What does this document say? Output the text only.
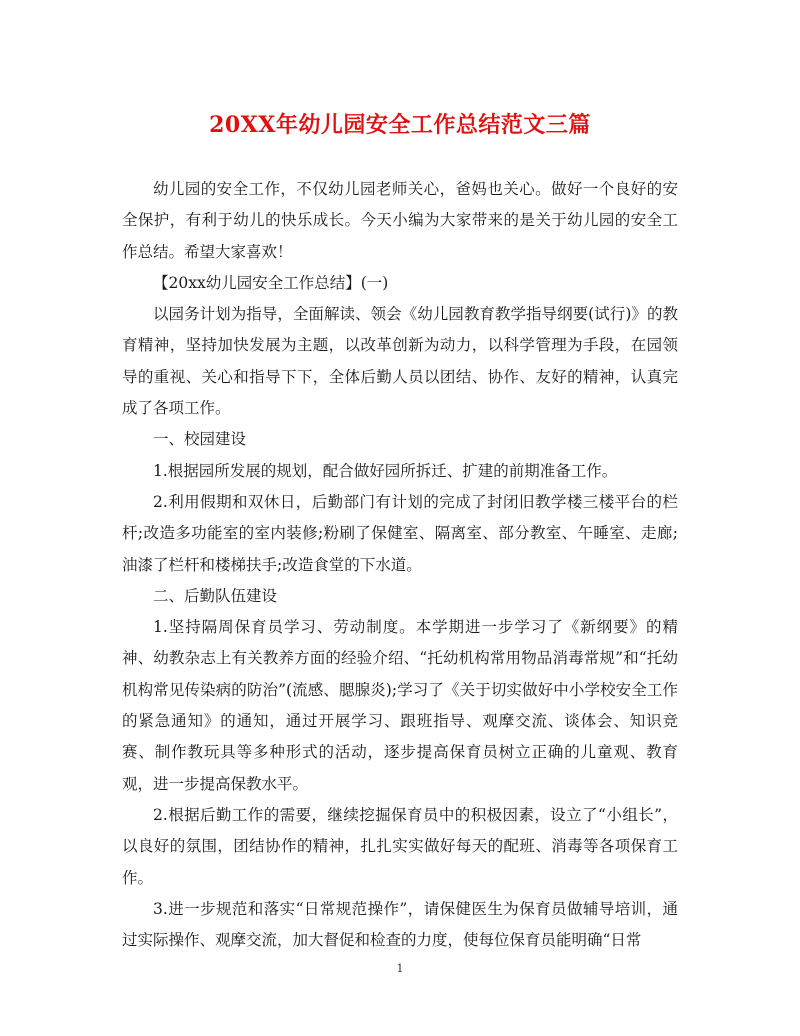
20XX年幼儿园安全工作总结范文三篇

幼儿园的安全工作，不仅幼儿园老师关心，爸妈也关心。做好一个良好的安全保护，有利于幼儿的快乐成长。今天小编为大家带来的是关于幼儿园的安全工作总结。希望大家喜欢！

【20xx幼儿园安全工作总结】(一)

以园务计划为指导，全面解读、领会《幼儿园教育教学指导纲要(试行)》的教育精神，坚持加快发展为主题，以改革创新为动力，以科学管理为手段，在园领导的重视、关心和指导下下，全体后勤人员以团结、协作、友好的精神，认真完成了各项工作。

一、校园建设

1.根据园所发展的规划，配合做好园所拆迁、扩建的前期准备工作。

2.利用假期和双休日，后勤部门有计划的完成了封闭旧教学楼三楼平台的栏杆;改造多功能室的室内装修;粉刷了保健室、隔离室、部分教室、午睡室、走廊;油漆了栏杆和楼梯扶手;改造食堂的下水道。

二、后勤队伍建设

1.坚持隔周保育员学习、劳动制度。本学期进一步学习了《新纲要》的精神、幼教杂志上有关教养方面的经验介绍、“托幼机构常用物品消毒常规”和“托幼机构常见传染病的防治”(流感、腮腺炎);学习了《关于切实做好中小学校安全工作的紧急通知》的通知，通过开展学习、跟班指导、观摩交流、谈体会、知识竞赛、制作教玩具等多种形式的活动，逐步提高保育员树立正确的儿童观、教育观，进一步提高保教水平。

2.根据后勤工作的需要，继续挖掘保育员中的积极因素，设立了“小组长”，以良好的氛围，团结协作的精神，扎扎实实做好每天的配班、消毒等各项保育工作。

3.进一步规范和落实“日常规范操作”，请保健医生为保育员做辅导培训，通过实际操作、观摩交流，加大督促和检查的力度，使每位保育员能明确“日常

1
